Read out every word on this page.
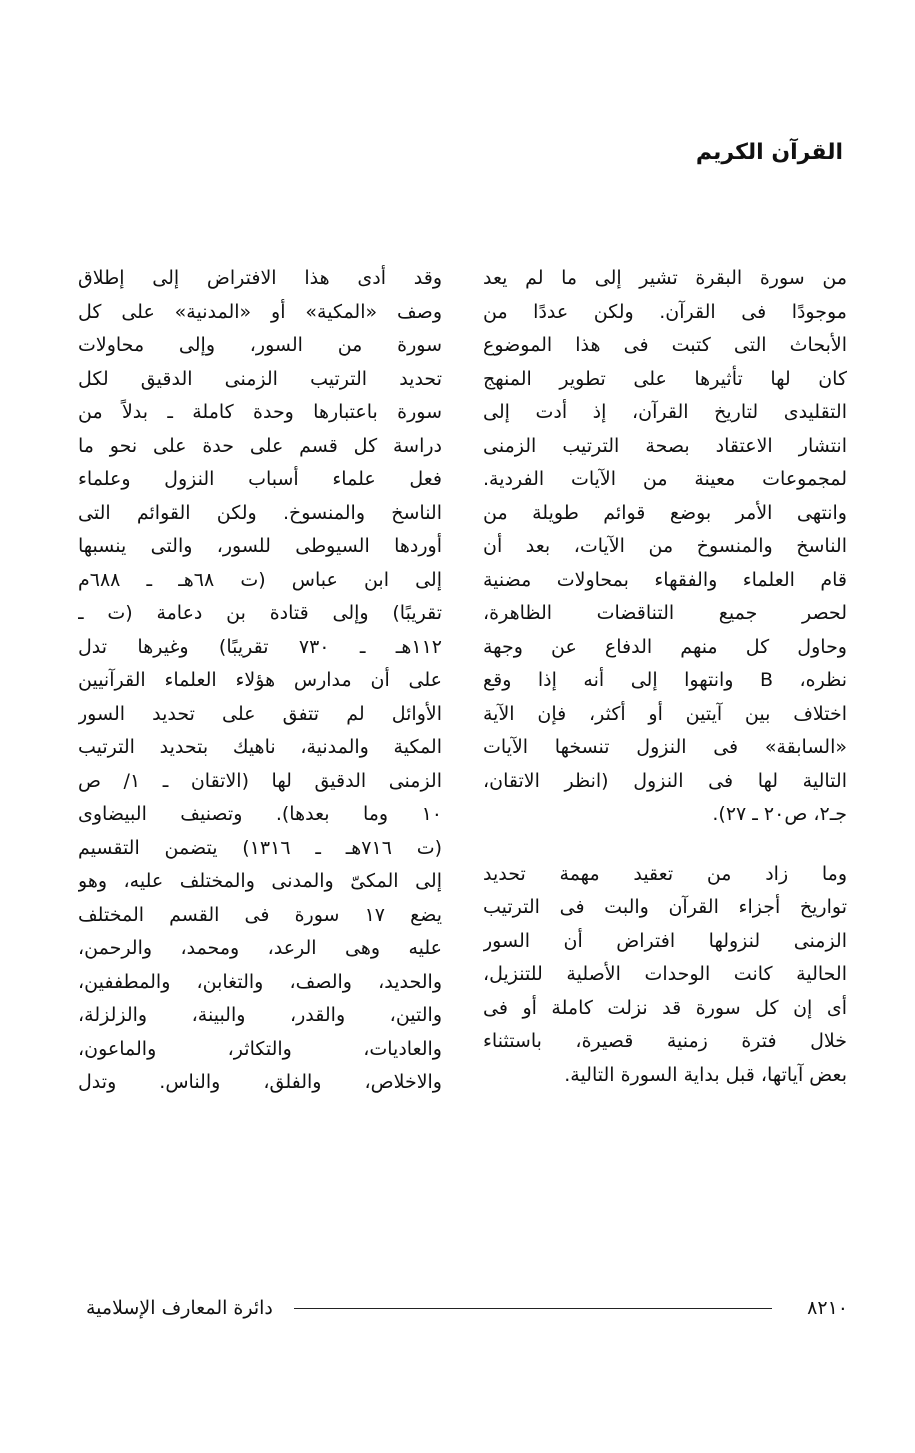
القرآن الكريم
من سورة البقرة تشير إلى ما لم يعد
موجودًا فى القرآن. ولكن عددًا من
الأبحاث التى كتبت فى هذا الموضوع
كان لها تأثيرها على تطوير المنهج
التقليدى لتاريخ القرآن، إذ أدت إلى
انتشار الاعتقاد بصحة الترتيب الزمنى
لمجموعات معينة من الآيات الفردية.
وانتهى الأمر بوضع قوائم طويلة من
الناسخ والمنسوخ من الآيات، بعد أن
قام العلماء والفقهاء بمحاولات مضنية
لحصر جميع التناقضات الظاهرة،
وحاول كل منهم الدفاع عن وجهة
نظره، B وانتهوا إلى أنه إذا وقع
اختلاف بين آيتين أو أكثر، فإن الآية
«السابقة» فى النزول تنسخها الآيات
التالية لها فى النزول (انظر الاتقان،
جـ٢، ص٢٠ ـ ٢٧).
وما زاد من تعقيد مهمة تحديد
تواريخ أجزاء القرآن والبت فى الترتيب
الزمنى لنزولها افتراض أن السور
الحالية كانت الوحدات الأصلية للتنزيل،
أى إن كل سورة قد نزلت كاملة أو فى
خلال فترة زمنية قصيرة، باستثناء
بعض آياتها، قبل بداية السورة التالية.
وقد أدى هذا الافتراض إلى إطلاق
وصف «المكية» أو «المدنية» على كل
سورة من السور، وإلى محاولات
تحديد الترتيب الزمنى الدقيق لكل
سورة باعتبارها وحدة كاملة ـ بدلاً من
دراسة كل قسم على حدة على نحو ما
فعل علماء أسباب النزول وعلماء
الناسخ والمنسوخ. ولكن القوائم التى
أوردها السيوطى للسور، والتى ينسبها
إلى ابن عباس (ت ٦٨هـ ـ ٦٨٨م
تقريبًا) وإلى قتادة بن دعامة (ت ـ
١١٢هـ ـ ٧٣٠ تقريبًا) وغيرها تدل
على أن مدارس هؤلاء العلماء القرآنيين
الأوائل لم تتفق على تحديد السور
المكية والمدنية، ناهيك بتحديد الترتيب
الزمنى الدقيق لها (الاتقان ـ ١/ ص
١٠ وما بعدها). وتصنيف البيضاوى
(ت ٧١٦هـ ـ ١٣١٦) يتضمن التقسيم
إلى المكىّ والمدنى والمختلف عليه، وهو
يضع ١٧ سورة فى القسم المختلف
عليه وهى الرعد، ومحمد، والرحمن،
والحديد، والصف، والتغابن، والمطففين،
والتين، والقدر، والبينة، والزلزلة،
والعاديات، والتكاثر، والماعون،
والاخلاص، والفلق، والناس. وتدل
دائرة المعارف الإسلامية	٨٢١٠
